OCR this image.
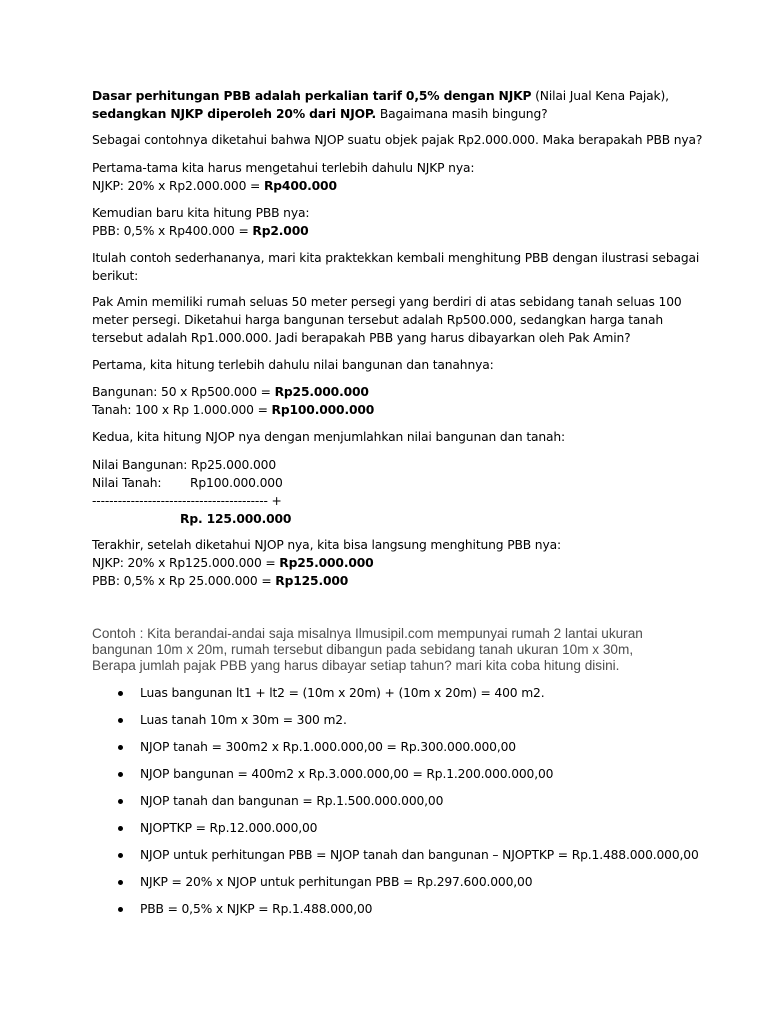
Dasar perhitungan PBB adalah perkalian tarif 0,5% dengan NJKP (Nilai Jual Kena Pajak),
sedangkan NJKP diperoleh 20% dari NJOP. Bagaimana masih bingung?
Sebagai contohnya diketahui bahwa NJOP suatu objek pajak Rp2.000.000. Maka berapakah PBB nya?
Pertama-tama kita harus mengetahui terlebih dahulu NJKP nya:
NJKP: 20% x Rp2.000.000 = Rp400.000
Kemudian baru kita hitung PBB nya:
PBB: 0,5% x Rp400.000 = Rp2.000
Itulah contoh sederhananya, mari kita praktekkan kembali menghitung PBB dengan ilustrasi sebagai
berikut:
Pak Amin memiliki rumah seluas 50 meter persegi yang berdiri di atas sebidang tanah seluas 100
meter persegi. Diketahui harga bangunan tersebut adalah Rp500.000, sedangkan harga tanah
tersebut adalah Rp1.000.000. Jadi berapakah PBB yang harus dibayarkan oleh Pak Amin?
Pertama, kita hitung terlebih dahulu nilai bangunan dan tanahnya:
Bangunan: 50 x Rp500.000 = Rp25.000.000
Tanah: 100 x Rp 1.000.000 = Rp100.000.000
Kedua, kita hitung NJOP nya dengan menjumlahkan nilai bangunan dan tanah:
Nilai Bangunan: Rp25.000.000
Nilai Tanah: Rp100.000.000
----------------------------------------- +
Rp. 125.000.000
Terakhir, setelah diketahui NJOP nya, kita bisa langsung menghitung PBB nya:
NJKP: 20% x Rp125.000.000 = Rp25.000.000
PBB: 0,5% x Rp 25.000.000 = Rp125.000
Contoh : Kita berandai-andai saja misalnya Ilmusipil.com mempunyai rumah 2 lantai ukuran
bangunan 10m x 20m, rumah tersebut dibangun pada sebidang tanah ukuran 10m x 30m,
Berapa jumlah pajak PBB yang harus dibayar setiap tahun? mari kita coba hitung disini.
Luas bangunan lt1 + lt2 = (10m x 20m) + (10m x 20m) = 400 m2.
Luas tanah 10m x 30m = 300 m2.
NJOP tanah = 300m2 x Rp.1.000.000,00 = Rp.300.000.000,00
NJOP bangunan = 400m2 x Rp.3.000.000,00 = Rp.1.200.000.000,00
NJOP tanah dan bangunan = Rp.1.500.000.000,00
NJOPTKP = Rp.12.000.000,00
NJOP untuk perhitungan PBB = NJOP tanah dan bangunan – NJOPTKP = Rp.1.488.000.000,00
NJKP = 20% x NJOP untuk perhitungan PBB = Rp.297.600.000,00
PBB = 0,5% x NJKP = Rp.1.488.000,00
